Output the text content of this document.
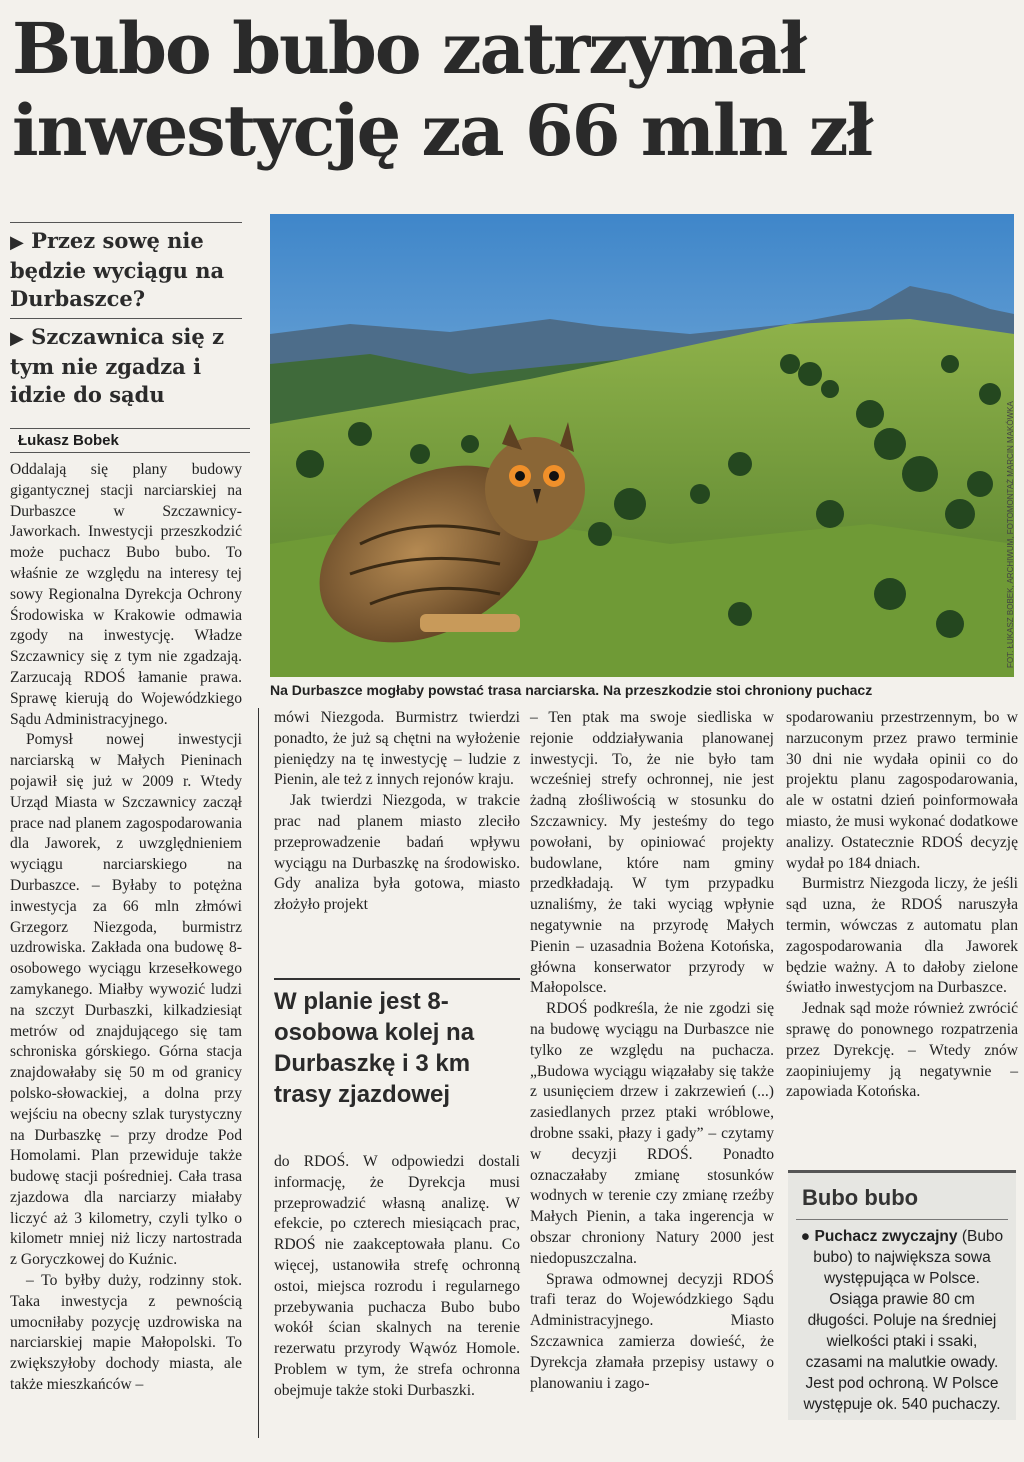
Bubo bubo zatrzymał
inwestycję za 66 mln zł
▶ Przez sowę nie będzie wyciągu na Durbaszce?
▶ Szczawnica się z tym nie zgadza i idzie do sądu
Łukasz Bobek	FOT. ŁUKASZ BOBEK, ARCHIWUM, FOTOMONTAŻ MARCIN MAKÓWKA
Na Durbaszce mogłaby powstać trasa narciarska. Na przeszkodzie stoi chroniony puchacz

Oddalają się plany budowy gigantycznej stacji narciarskiej na Durbaszce w Szczawnicy-Jaworkach. Inwestycji przeszkodzić może puchacz Bubo bubo. To właśnie ze względu na interesy tej sowy Regionalna Dyrekcja Ochrony Środowiska w Krakowie odmawia zgody na inwestycję. Władze Szczawnicy się z tym nie zgadzają. Zarzucają RDOŚ łamanie prawa. Sprawę kierują do Wojewódzkiego Sądu Administracyjnego.

Pomysł nowej inwestycji narciarską w Małych Pieninach pojawił się już w 2009 r. Wtedy Urząd Miasta w Szczawnicy zaczął prace nad planem zagospodarowania dla Jaworek, z uwzględnieniem wyciągu narciarskiego na Durbaszce. – Byłaby to potężna inwestycja za 66 mln złmówi Grzegorz Niezgoda, burmistrz uzdrowiska. Zakłada ona budowę 8-osobowego wyciągu krzesełkowego zamykanego. Miałby wywozić ludzi na szczyt Durbaszki, kilkadziesiąt metrów od znajdującego się tam schroniska górskiego. Górna stacja znajdowałaby się 50 m od granicy polsko-słowackiej, a dolna przy wejściu na obecny szlak turystyczny na Durbaszkę – przy drodze Pod Homolami. Plan przewiduje także budowę stacji pośredniej. Cała trasa zjazdowa dla narciarzy miałaby liczyć aż 3 kilometry, czyli tylko o kilometr mniej niż liczy nartostrada z Goryczkowej do Kuźnic.

– To byłby duży, rodzinny stok. Taka inwestycja z pewnością umocniłaby pozycję uzdrowiska na narciarskiej mapie Małopolski. To zwiększyłoby dochody miasta, ale także mieszkańców –

mówi Niezgoda. Burmistrz twierdzi ponadto, że już są chętni na wyłożenie pieniędzy na tę inwestycję – ludzie z Pienin, ale też z innych rejonów kraju.

Jak twierdzi Niezgoda, w trakcie prac nad planem miasto zleciło przeprowadzenie badań wpływu wyciągu na Durbaszkę na środowisko. Gdy analiza była gotowa, miasto złożyło projekt

W planie jest 8-osobowa kolej na Durbaszkę i 3 km trasy zjazdowej

do RDOŚ. W odpowiedzi dostali informację, że Dyrekcja musi przeprowadzić własną analizę. W efekcie, po czterech miesiącach prac, RDOŚ nie zaakceptowała planu. Co więcej, ustanowiła strefę ochronną ostoi, miejsca rozrodu i regularnego przebywania puchacza Bubo bubo wokół ścian skalnych na terenie rezerwatu przyrody Wąwóz Homole. Problem w tym, że strefa ochronna obejmuje także stoki Durbaszki.

– Ten ptak ma swoje siedliska w rejonie oddziaływania planowanej inwestycji. To, że nie było tam wcześniej strefy ochronnej, nie jest żadną złośliwością w stosunku do Szczawnicy. My jesteśmy do tego powołani, by opiniować projekty budowlane, które nam gminy przedkładają. W tym przypadku uznaliśmy, że taki wyciąg wpłynie negatywnie na przyrodę Małych Pienin – uzasadnia Bożena Kotońska, główna konserwator przyrody w Małopolsce.

RDOŚ podkreśla, że nie zgodzi się na budowę wyciągu na Durbaszce nie tylko ze względu na puchacza. „Budowa wyciągu wiązałaby się także z usunięciem drzew i zakrzewień (...) zasiedlanych przez ptaki wróblowe, drobne ssaki, płazy i gady” – czytamy w decyzji RDOŚ. Ponadto oznaczałaby zmianę stosunków wodnych w terenie czy zmianę rzeźby Małych Pienin, a taka ingerencja w obszar chroniony Natury 2000 jest niedopuszczalna.

Sprawa odmownej decyzji RDOŚ trafi teraz do Wojewódzkiego Sądu Administracyjnego. Miasto Szczawnica zamierza dowieść, że Dyrekcja złamała przepisy ustawy o planowaniu i zago-

spodarowaniu przestrzennym, bo w narzuconym przez prawo terminie 30 dni nie wydała opinii co do projektu planu zagospodarowania, ale w ostatni dzień poinformowała miasto, że musi wykonać dodatkowe analizy. Ostatecznie RDOŚ decyzję wydał po 184 dniach.

Burmistrz Niezgoda liczy, że jeśli sąd uzna, że RDOŚ naruszyła termin, wówczas z automatu plan zagospodarowania dla Jaworek będzie ważny. A to dałoby zielone światło inwestycjom na Durbaszce.

Jednak sąd może również zwrócić sprawę do ponownego rozpatrzenia przez Dyrekcję. – Wtedy znów zaopiniujemy ją negatywnie – zapowiada Kotońska.

Bubo bubo
● Puchacz zwyczajny (Bubo bubo) to największa sowa występująca w Polsce. Osiąga prawie 80 cm długości. Poluje na średniej wielkości ptaki i ssaki, czasami na malutkie owady. Jest pod ochroną. W Polsce występuje ok. 540 puchaczy.
